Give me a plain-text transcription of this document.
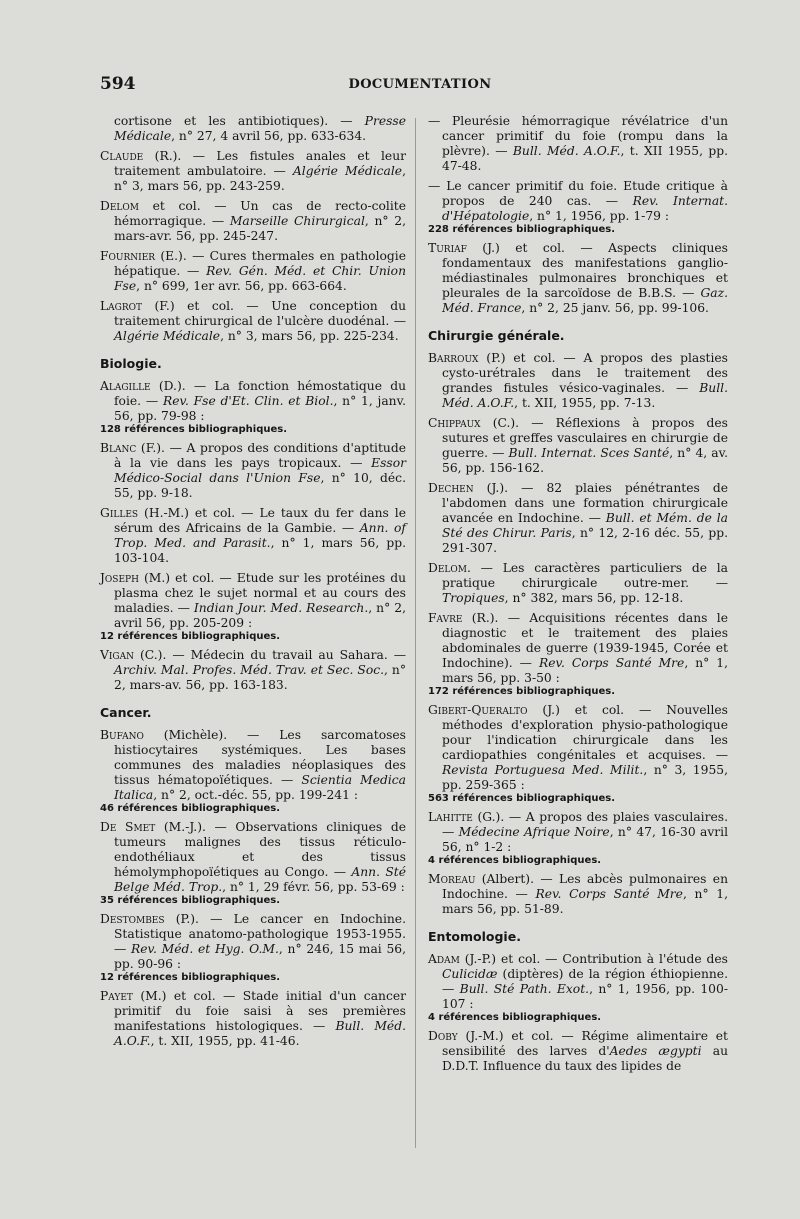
594	DOCUMENTATION
cortisone et les antibiotiques). — Presse Médicale, n° 27, 4 avril 56, pp. 633-634.
Claude (R.). — Les fistules anales et leur traitement ambulatoire. — Algérie Médicale, n° 3, mars 56, pp. 243-259.
Delom et col. — Un cas de recto-colite hémorragique. — Marseille Chirurgical, n° 2, mars-avr. 56, pp. 245-247.
Fournier (E.). — Cures thermales en pathologie hépatique. — Rev. Gén. Méd. et Chir. Union Fse, n° 699, 1er avr. 56, pp. 663-664.
Lagrot (F.) et col. — Une conception du traitement chirurgical de l'ulcère duodénal. — Algérie Médicale, n° 3, mars 56, pp. 225-234.
Biologie.
Alagille (D.). — La fonction hémostatique du foie. — Rev. Fse d'Et. Clin. et Biol., n° 1, janv. 56, pp. 79-98 :
128 références bibliographiques.
Blanc (F.). — A propos des conditions d'aptitude à la vie dans les pays tropicaux. — Essor Médico-Social dans l'Union Fse, n° 10, déc. 55, pp. 9-18.
Gilles (H.-M.) et col. — Le taux du fer dans le sérum des Africains de la Gambie. — Ann. of Trop. Med. and Parasit., n° 1, mars 56, pp. 103-104.
Joseph (M.) et col. — Etude sur les protéines du plasma chez le sujet normal et au cours des maladies. — Indian Jour. Med. Research., n° 2, avril 56, pp. 205-209 :
12 références bibliographiques.
Vigan (C.). — Médecin du travail au Sahara. — Archiv. Mal. Profes. Méd. Trav. et Sec. Soc., n° 2, mars-av. 56, pp. 163-183.
Cancer.
Bufano (Michèle). — Les sarcomatoses histiocytaires systémiques. Les bases communes des maladies néoplasiques des tissus hématopoïétiques. — Scientia Medica Italica, n° 2, oct.-déc. 55, pp. 199-241 :
46 références bibliographiques.
De Smet (M.-J.). — Observations cliniques de tumeurs malignes des tissus réticulo-endothéliaux et des tissus hémolymphopoïétiques au Congo. — Ann. Sté Belge Méd. Trop., n° 1, 29 févr. 56, pp. 53-69 :
35 références bibliographiques.
Destombes (P.). — Le cancer en Indochine. Statistique anatomo-pathologique 1953-1955. — Rev. Méd. et Hyg. O.M., n° 246, 15 mai 56, pp. 90-96 :
12 références bibliographiques.
Payet (M.) et col. — Stade initial d'un cancer primitif du foie saisi à ses premières manifestations histologiques. — Bull. Méd. A.O.F., t. XII, 1955, pp. 41-46.
— Pleurésie hémorragique révélatrice d'un cancer primitif du foie (rompu dans la plèvre). — Bull. Méd. A.O.F., t. XII 1955, pp. 47-48.
— Le cancer primitif du foie. Etude critique à propos de 240 cas. — Rev. Internat. d'Hépatologie, n° 1, 1956, pp. 1-79 :
228 références bibliographiques.
Turiaf (J.) et col. — Aspects cliniques fondamentaux des manifestations ganglio-médiastinales pulmonaires bronchiques et pleurales de la sarcoïdose de B.B.S. — Gaz. Méd. France, n° 2, 25 janv. 56, pp. 99-106.
Chirurgie générale.
Barroux (P.) et col. — A propos des plasties cysto-urétrales dans le traitement des grandes fistules vésico-vaginales. — Bull. Méd. A.O.F., t. XII, 1955, pp. 7-13.
Chippaux (C.). — Réflexions à propos des sutures et greffes vasculaires en chirurgie de guerre. — Bull. Internat. Sces Santé, n° 4, av. 56, pp. 156-162.
Dechen (J.). — 82 plaies pénétrantes de l'abdomen dans une formation chirurgicale avancée en Indochine. — Bull. et Mém. de la Sté des Chirur. Paris, n° 12, 2-16 déc. 55, pp. 291-307.
Delom. — Les caractères particuliers de la pratique chirurgicale outre-mer. — Tropiques, n° 382, mars 56, pp. 12-18.
Favre (R.). — Acquisitions récentes dans le diagnostic et le traitement des plaies abdominales de guerre (1939-1945, Corée et Indochine). — Rev. Corps Santé Mre, n° 1, mars 56, pp. 3-50 :
172 références bibliographiques.
Gibert-Queralto (J.) et col. — Nouvelles méthodes d'exploration physio-pathologique pour l'indication chirurgicale dans les cardiopathies congénitales et acquises. — Revista Portuguesa Med. Milit., n° 3, 1955, pp. 259-365 :
563 références bibliographiques.
Lahitte (G.). — A propos des plaies vasculaires. — Médecine Afrique Noire, n° 47, 16-30 avril 56, n° 1-2 :
4 références bibliographiques.
Moreau (Albert). — Les abcès pulmonaires en Indochine. — Rev. Corps Santé Mre, n° 1, mars 56, pp. 51-89.
Entomologie.
Adam (J.-P.) et col. — Contribution à l'étude des Culicidæ (diptères) de la région éthiopienne. — Bull. Sté Path. Exot., n° 1, 1956, pp. 100-107 :
4 références bibliographiques.
Doby (J.-M.) et col. — Régime alimentaire et sensibilité des larves d'Aedes ægypti au D.D.T. Influence du taux des lipides de
